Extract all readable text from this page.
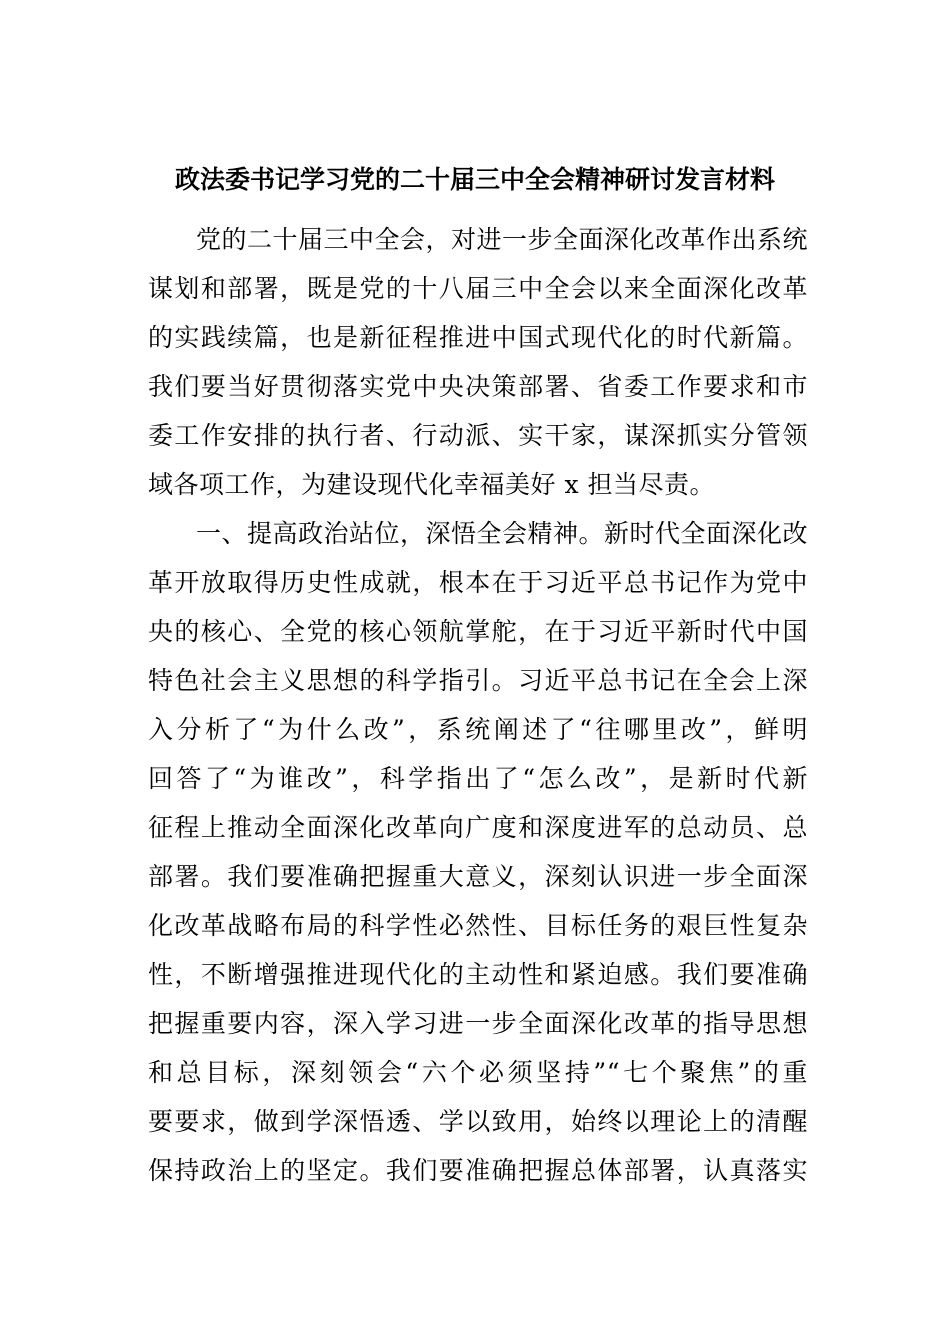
政法委书记学习党的二十届三中全会精神研讨发言材料
党的二十届三中全会，对进一步全面深化改革作出系统
谋划和部署，既是党的十八届三中全会以来全面深化改革
的实践续篇，也是新征程推进中国式现代化的时代新篇。
我们要当好贯彻落实党中央决策部署、省委工作要求和市
委工作安排的执行者、行动派、实干家，谋深抓实分管领
域各项工作，为建设现代化幸福美好 x 担当尽责。
一、提高政治站位，深悟全会精神。新时代全面深化改
革开放取得历史性成就，根本在于习近平总书记作为党中
央的核心、全党的核心领航掌舵，在于习近平新时代中国
特色社会主义思想的科学指引。习近平总书记在全会上深
入分析了“为什么改”，系统阐述了“往哪里改”，鲜明
回答了“为谁改”，科学指出了“怎么改”，是新时代新
征程上推动全面深化改革向广度和深度进军的总动员、总
部署。我们要准确把握重大意义，深刻认识进一步全面深
化改革战略布局的科学性必然性、目标任务的艰巨性复杂
性，不断增强推进现代化的主动性和紧迫感。我们要准确
把握重要内容，深入学习进一步全面深化改革的指导思想
和总目标，深刻领会“六个必须坚持”“七个聚焦”的重
要要求，做到学深悟透、学以致用，始终以理论上的清醒
保持政治上的坚定。我们要准确把握总体部署，认真落实
